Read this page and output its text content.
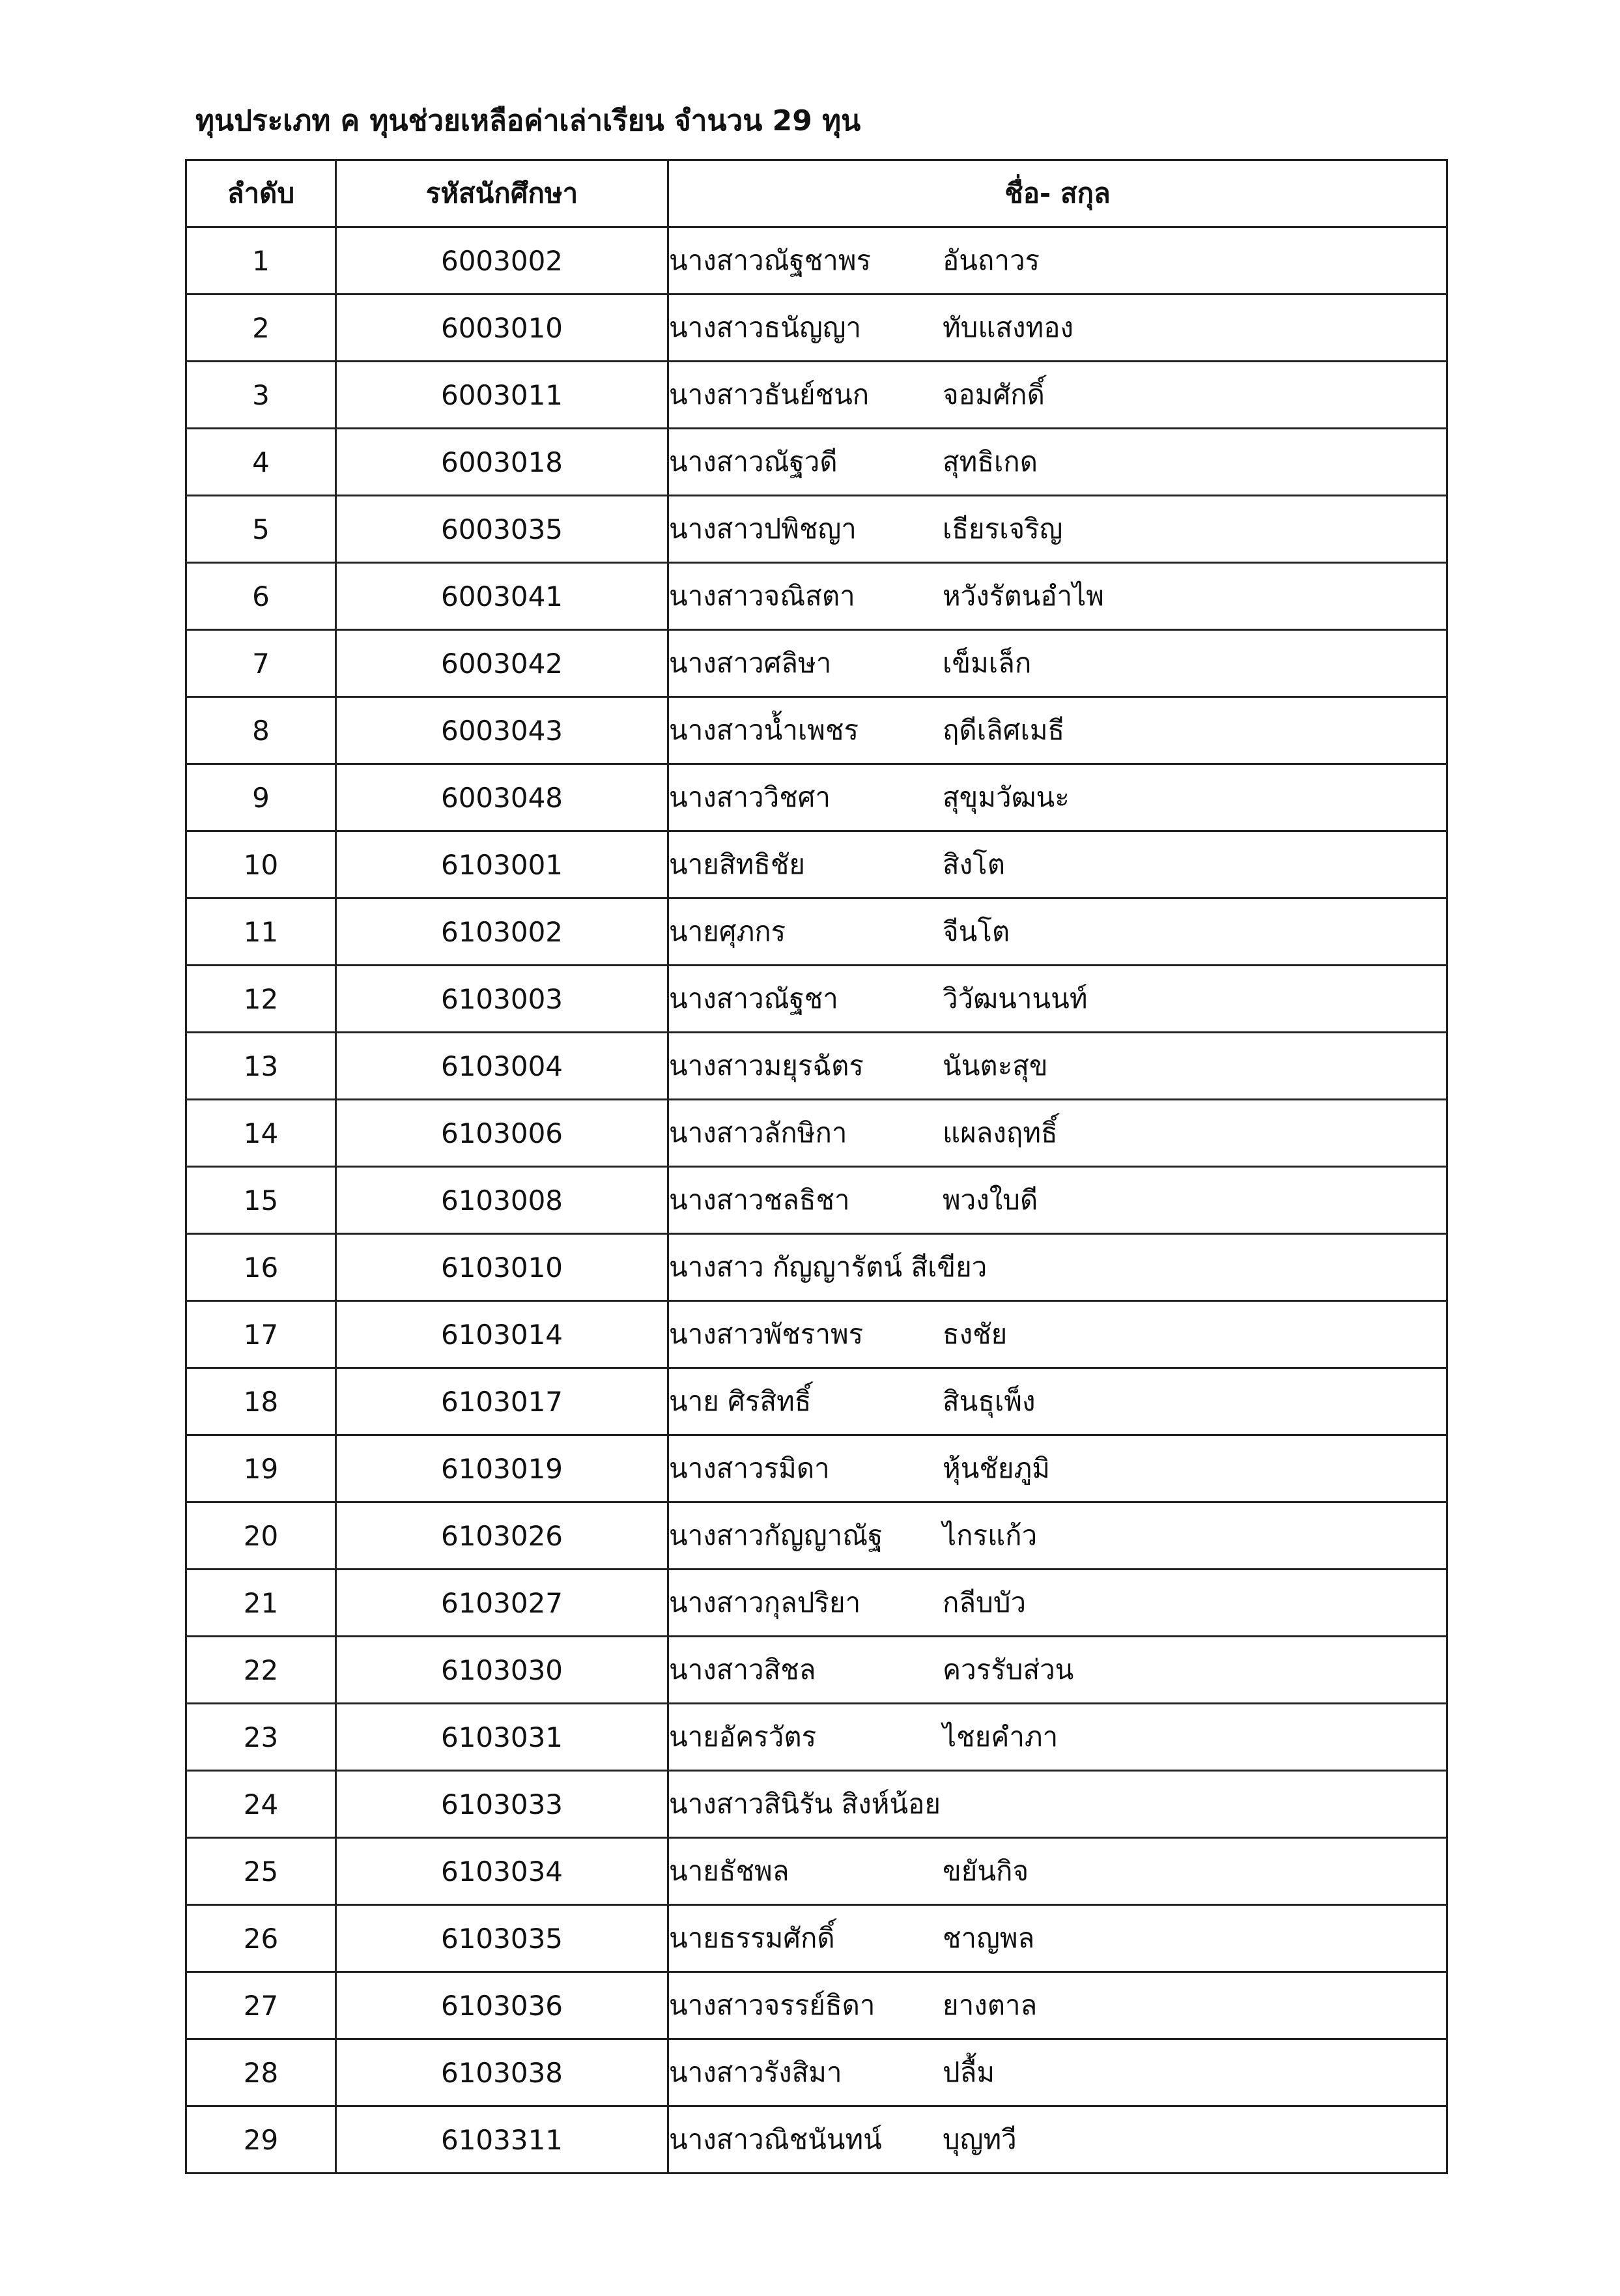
ทุนประเภท ค ทุนช่วยเหลือค่าเล่าเรียน จำนวน 29 ทุน
ลำดับ	รหัสนักศึกษา	ชื่อ- สกุล
1	6003002	นางสาวณัฐชาพร อันถาวร
2	6003010	นางสาวธนัญญา ทับแสงทอง
3	6003011	นางสาวธันย์ชนก จอมศักดิ์
4	6003018	นางสาวณัฐวดี สุทธิเกด
5	6003035	นางสาวปพิชญา เธียรเจริญ
6	6003041	นางสาวจณิสตา หวังรัตนอำไพ
7	6003042	นางสาวศลิษา เข็มเล็ก
8	6003043	นางสาวน้ำเพชร ฤดีเลิศเมธี
9	6003048	นางสาววิชศา สุขุมวัฒนะ
10	6103001	นายสิทธิชัย สิงโต
11	6103002	นายศุภกร จีนโต
12	6103003	นางสาวณัฐชา วิวัฒนานนท์
13	6103004	นางสาวมยุรฉัตร นันตะสุข
14	6103006	นางสาวลักษิกา แผลงฤทธิ์
15	6103008	นางสาวชลธิชา พวงใบดี
16	6103010	นางสาว กัญญารัตน์ สีเขียว
17	6103014	นางสาวพัชราพร ธงชัย
18	6103017	นาย ศิรสิทธิ์ สินธุเพ็ง
19	6103019	นางสาวรมิดา หุ้นชัยภูมิ
20	6103026	นางสาวกัญญาณัฐ ไกรแก้ว
21	6103027	นางสาวกุลปริยา กลีบบัว
22	6103030	นางสาวสิชล ควรรับส่วน
23	6103031	นายอัครวัตร ไชยคำภา
24	6103033	นางสาวสินิรัน สิงห์น้อย
25	6103034	นายธัชพล ขยันกิจ
26	6103035	นายธรรมศักดิ์ ชาญพล
27	6103036	นางสาวจรรย์ธิดา ยางตาล
28	6103038	นางสาวรังสิมา ปลื้ม
29	6103311	นางสาวณิชนันทน์ บุญทวี
